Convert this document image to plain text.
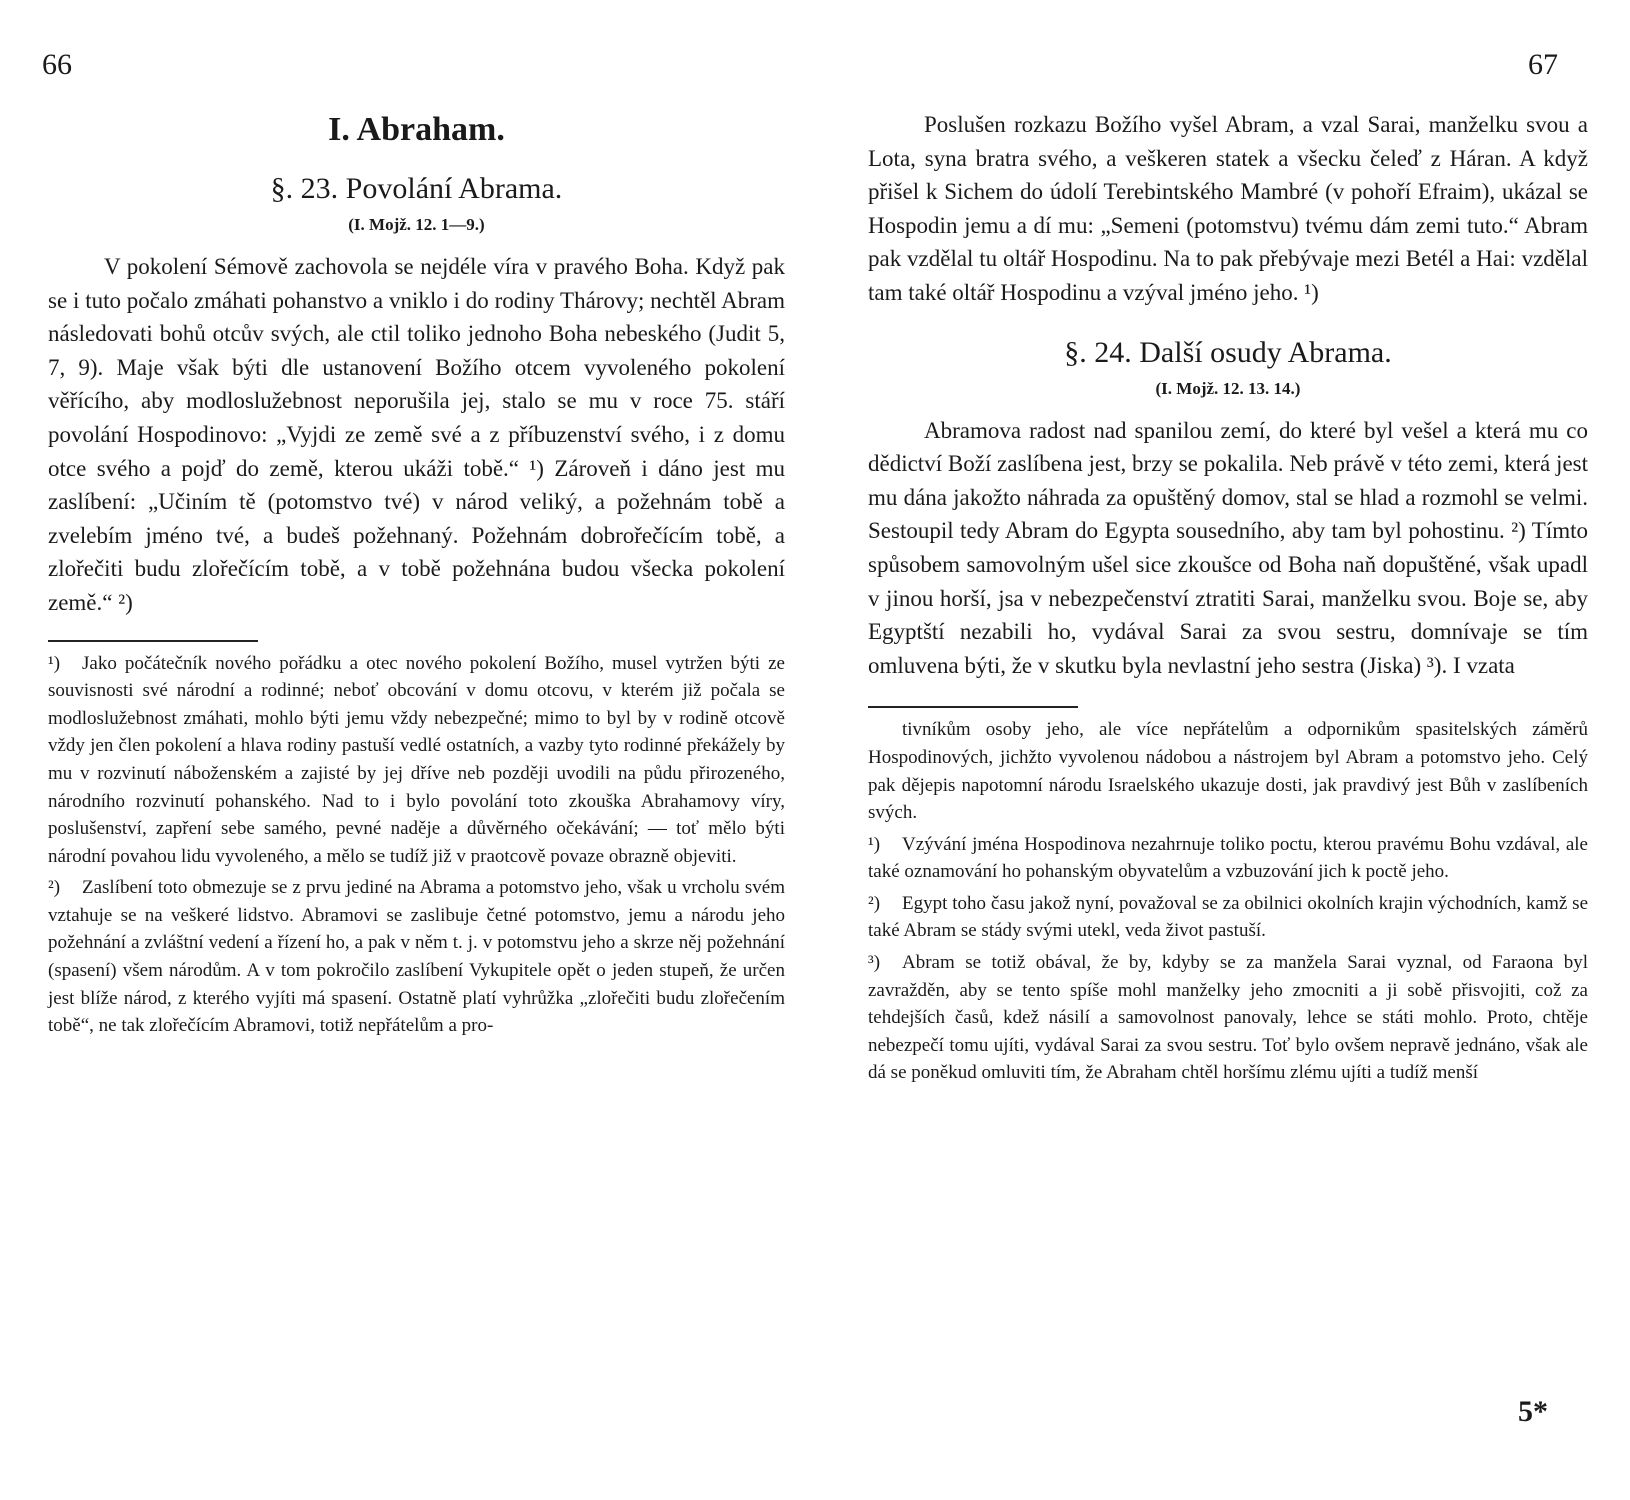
66
I. Abraham.
§. 23. Povolání Abrama.
(I. Mojž. 12. 1—9.)

V pokolení Sémově zachovola se nejdéle víra v pravého Boha. Když pak se i tuto počalo zmáhati pohanstvo a vniklo i do rodiny Thárovy; nechtěl Abram následovati bohů otcův svých, ale ctil toliko jednoho Boha nebeského (Judit 5, 7, 9). Maje však býti dle ustanovení Božího otcem vyvoleného pokolení věřícího, aby modloslužebnost neporušila jej, stalo se mu v roce 75. stáří povolání Hospodinovo: „Vyjdi ze země své a z příbuzenství svého, i z domu otce svého a pojď do země, kterou ukáži tobě.“ ¹) Zároveň i dáno jest mu zaslíbení: „Učiním tě (potomstvo tvé) v národ veliký, a požehnám tobě a zvelebím jméno tvé, a budeš požehnaný. Požehnám dobrořečícím tobě, a zlořečiti budu zlořečícím tobě, a v tobě požehnána budou všecka pokolení země.“ ²)

¹) Jako počátečník nového pořádku a otec nového pokolení Božího, musel vytržen býti ze souvisnosti své národní a rodinné; neboť obcování v domu otcovu, v kterém již počala se modloslužebnost zmáhati, mohlo býti jemu vždy nebezpečné; mimo to byl by v rodině otcově vždy jen člen pokolení a hlava rodiny pastuší vedlé ostatních, a vazby tyto rodinné překážely by mu v rozvinutí náboženském a zajisté by jej dříve neb později uvodili na půdu přirozeného, národního rozvinutí pohanského. Nad to i bylo povolání toto zkouška Abrahamovy víry, poslušenství, zapření sebe samého, pevné naděje a důvěrného očekávání; — toť mělo býti národní povahou lidu vyvoleného, a mělo se tudíž již v praotcově povaze obrazně objeviti.

²) Zaslíbení toto obmezuje se z prvu jediné na Abrama a potomstvo jeho, však u vrcholu svém vztahuje se na veškeré lidstvo. Abramovi se zaslibuje četné potomstvo, jemu a národu jeho požehnání a zvláštní vedení a řízení ho, a pak v něm t. j. v potomstvu jeho a skrze něj požehnání (spasení) všem národům. A v tom pokročilo zaslíbení Vykupitele opět o jeden stupeň, že určen jest blíže národ, z kterého vyjíti má spasení. Ostatně platí vyhrůžka „zlořečiti budu zlořečením tobě“, ne tak zlořečícím Abramovi, totiž nepřátelům a pro-

67

Poslušen rozkazu Božího vyšel Abram, a vzal Sarai, manželku svou a Lota, syna bratra svého, a veškeren statek a všecku čeleď z Háran. A když přišel k Sichem do údolí Terebintského Mambré (v pohoří Efraim), ukázal se Hospodin jemu a dí mu: „Semeni (potomstvu) tvému dám zemi tuto.“ Abram pak vzdělal tu oltář Hospodinu. Na to pak přebývaje mezi Betél a Hai: vzdělal tam také oltář Hospodinu a vzýval jméno jeho. ¹)

§. 24. Další osudy Abrama.
(I. Mojž. 12. 13. 14.)

Abramova radost nad spanilou zemí, do které byl vešel a která mu co dědictví Boží zaslíbena jest, brzy se pokalila. Neb právě v této zemi, která jest mu dána jakožto náhrada za opuštěný domov, stal se hlad a rozmohl se velmi. Sestoupil tedy Abram do Egypta sousedního, aby tam byl pohostinu. ²) Tímto spůsobem samovolným ušel sice zkoušce od Boha naň dopuštěné, však upadl v jinou horší, jsa v nebezpečenství ztratiti Sarai, manželku svou. Boje se, aby Egyptští nezabili ho, vydával Sarai za svou sestru, domnívaje se tím omluvena býti, že v skutku byla nevlastní jeho sestra (Jiska) ³). I vzata

tivníkům osoby jeho, ale více nepřátelům a odpornikům spasitelských záměrů Hospodinových, jichžto vyvolenou nádobou a nástrojem byl Abram a potomstvo jeho. Celý pak dějepis napotomní národu Israelského ukazuje dosti, jak pravdivý jest Bůh v zaslíbeních svých.

¹) Vzývání jména Hospodinova nezahrnuje toliko poctu, kterou pravému Bohu vzdával, ale také oznamování ho pohanským obyvatelům a vzbuzování jich k poctě jeho.

²) Egypt toho času jakož nyní, považoval se za obilnici okolních krajin východních, kamž se také Abram se stády svými utekl, veda život pastuší.

³) Abram se totiž obával, že by, kdyby se za manžela Sarai vyznal, od Faraona byl zavražděn, aby se tento spíše mohl manželky jeho zmocniti a ji sobě přisvojiti, což za tehdejších časů, kdež násilí a samovolnost panovaly, lehce se státi mohlo. Proto, chtěje nebezpečí tomu ujíti, vydával Sarai za svou sestru. Toť bylo ovšem nepravě jednáno, však ale dá se poněkud omluviti tím, že Abraham chtěl horšímu zlému ujíti a tudíž menší

5*
